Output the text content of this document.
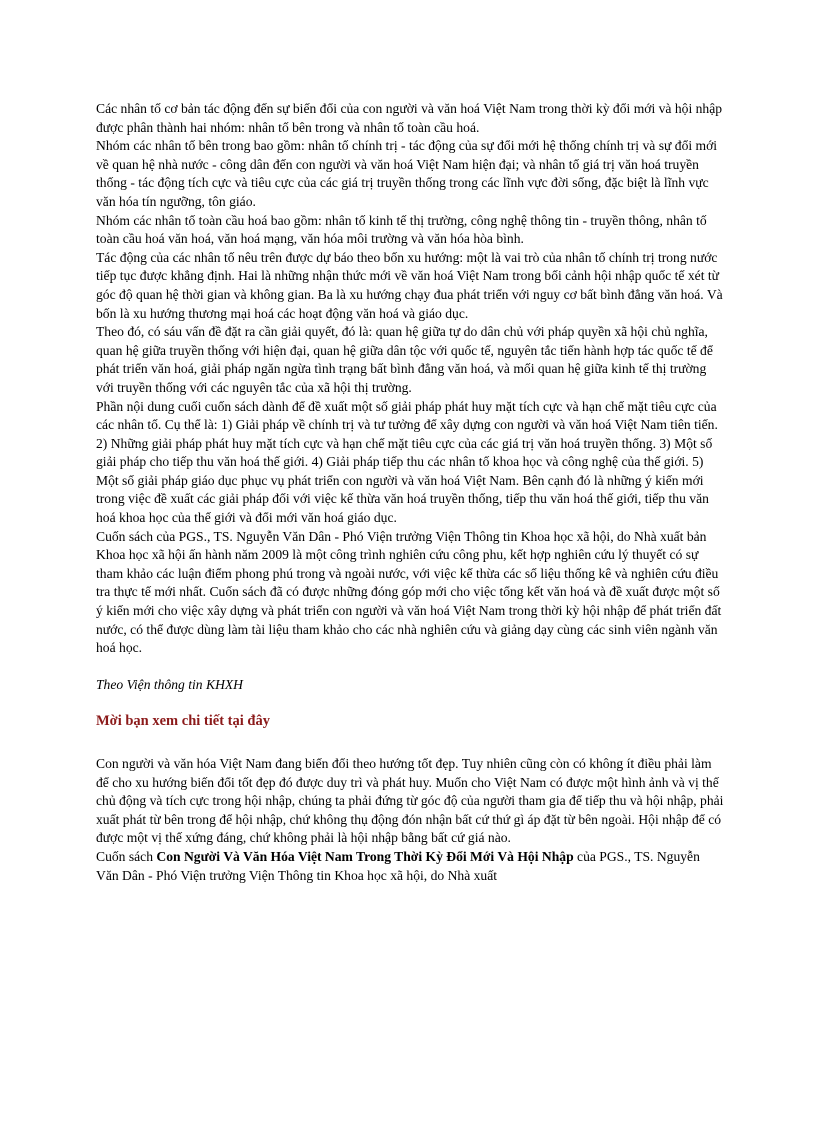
Các nhân tố cơ bản tác động đến sự biến đổi của con người và văn hoá Việt Nam trong thời kỳ đổi mới và hội nhập được phân thành hai nhóm: nhân tố bên trong và nhân tố toàn cầu hoá.

Nhóm các nhân tố bên trong bao gồm: nhân tố chính trị - tác động của sự đổi mới hệ thống chính trị và sự đổi mới về quan hệ nhà nước - công dân đến con người và văn hoá Việt Nam hiện đại; và nhân tố giá trị văn hoá truyền thống - tác động tích cực và tiêu cực của các giá trị truyền thống trong các lĩnh vực đời sống, đặc biệt là lĩnh vực văn hóa tín ngưỡng, tôn giáo.

Nhóm các nhân tố toàn cầu hoá bao gồm: nhân tố kinh tế thị trường, công nghệ thông tin - truyền thông, nhân tố toàn cầu hoá văn hoá, văn hoá mạng, văn hóa môi trường và văn hóa hòa bình.

Tác động của các nhân tố nêu trên được dự báo theo bốn xu hướng: một là vai trò của nhân tố chính trị trong nước tiếp tục được khẳng định. Hai là những nhận thức mới về văn hoá Việt Nam trong bối cảnh hội nhập quốc tế xét từ góc độ quan hệ thời gian và không gian. Ba là xu hướng chạy đua phát triển với nguy cơ bất bình đẳng văn hoá. Và bốn là xu hướng thương mại hoá các hoạt động văn hoá và giáo dục.

Theo đó, có sáu vấn đề đặt ra cần giải quyết, đó là: quan hệ giữa tự do dân chủ với pháp quyền xã hội chủ nghĩa, quan hệ giữa truyền thống với hiện đại, quan hệ giữa dân tộc với quốc tế, nguyên tắc tiến hành hợp tác quốc tế để phát triển văn hoá, giải pháp ngăn ngừa tình trạng bất bình đẳng văn hoá, và mối quan hệ giữa kinh tế thị trường với truyền thống với các nguyên tắc của xã hội thị trường.

Phần nội dung cuối cuốn sách dành để đề xuất một số giải pháp phát huy mặt tích cực và hạn chế mặt tiêu cực của các nhân tố. Cụ thể là: 1) Giải pháp về chính trị và tư tưởng để xây dựng con người và văn hoá Việt Nam tiên tiến. 2) Những giải pháp phát huy mặt tích cực và hạn chế mặt tiêu cực của các giá trị văn hoá truyền thống. 3) Một số giải pháp cho tiếp thu văn hoá thế giới. 4) Giải pháp tiếp thu các nhân tố khoa học và công nghệ của thế giới. 5) Một số giải pháp giáo dục phục vụ phát triển con người và văn hoá Việt Nam. Bên cạnh đó là những ý kiến mới trong việc đề xuất các giải pháp đối với việc kế thừa văn hoá truyền thống, tiếp thu văn hoá thế giới, tiếp thu văn hoá khoa học của thế giới và đổi mới văn hoá giáo dục.

Cuốn sách của PGS., TS. Nguyễn Văn Dân - Phó Viện trưởng Viện Thông tin Khoa học xã hội, do Nhà xuất bản Khoa học xã hội ấn hành năm 2009 là một công trình nghiên cứu công phu, kết hợp nghiên cứu lý thuyết có sự tham khảo các luận điểm phong phú trong và ngoài nước, với việc kế thừa các số liệu thống kê và nghiên cứu điều tra thực tế mới nhất. Cuốn sách đã có được những đóng góp mới cho việc tổng kết văn hoá và đề xuất được một số ý kiến mới cho việc xây dựng và phát triển con người và văn hoá Việt Nam trong thời kỳ hội nhập để phát triển đất nước, có thể được dùng làm tài liệu tham khảo cho các nhà nghiên cứu và giảng dạy cùng các sinh viên ngành văn hoá học.

Theo Viện thông tin KHXH

Mời bạn xem chi tiết tại đây

Con người và văn hóa Việt Nam đang biến đổi theo hướng tốt đẹp. Tuy nhiên cũng còn có không ít điều phải làm để cho xu hướng biến đổi tốt đẹp đó được duy trì và phát huy. Muốn cho Việt Nam có được một hình ảnh và vị thế chủ động và tích cực trong hội nhập, chúng ta phải đứng từ góc độ của người tham gia để tiếp thu và hội nhập, phải xuất phát từ bên trong để hội nhập, chứ không thụ động đón nhận bất cứ thứ gì áp đặt từ bên ngoài. Hội nhập để có được một vị thế xứng đáng, chứ không phải là hội nhập bằng bất cứ giá nào.

Cuốn sách Con Người Và Văn Hóa Việt Nam Trong Thời Kỳ Đổi Mới Và Hội Nhập của PGS., TS. Nguyễn Văn Dân - Phó Viện trưởng Viện Thông tin Khoa học xã hội, do Nhà xuất
